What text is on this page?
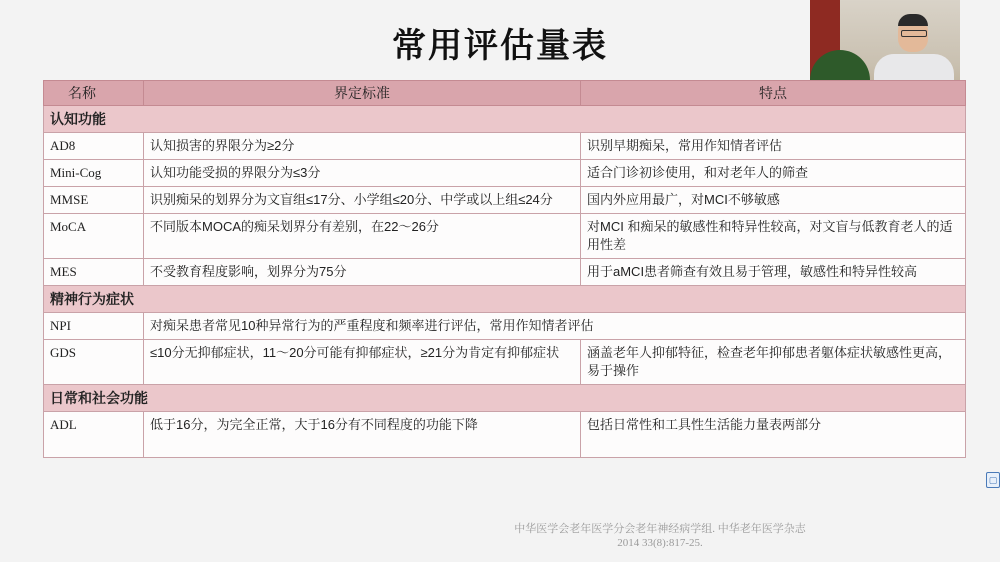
常用评估量表
名称	界定标准	特点
认知功能		
AD8	认知损害的界限分为≥2分	识别早期痴呆，常用作知情者评估
Mini-Cog	认知功能受损的界限分为≤3分	适合门诊初诊使用，和对老年人的筛查
MMSE	识别痴呆的划界分为文盲组≤17分、小学组≤20分、中学或以上组≤24分	国内外应用最广，对MCI不够敏感
MoCA	不同版本MOCA的痴呆划界分有差别，在22～26分	对MCI 和痴呆的敏感性和特异性较高，对文盲与低教育老人的适用性差
MES	不受教育程度影响，划界分为75分	用于aMCI患者筛查有效且易于管理，敏感性和特异性较高
精神行为症状		
NPI	对痴呆患者常见10种异常行为的严重程度和频率进行评估，常用作知情者评估	
GDS	≤10分无抑郁症状，11～20分可能有抑郁症状，≥21分为肯定有抑郁症状	涵盖老年人抑郁特征，检查老年抑郁患者躯体症状敏感性更高，易于操作
日常和社会功能		
ADL	低于16分，为完全正常，大于16分有不同程度的功能下降	包括日常性和工具性生活能力量表两部分
中华医学会老年医学分会老年神经病学组. 中华老年医学杂志
2014 33(8):817-25.
▢
